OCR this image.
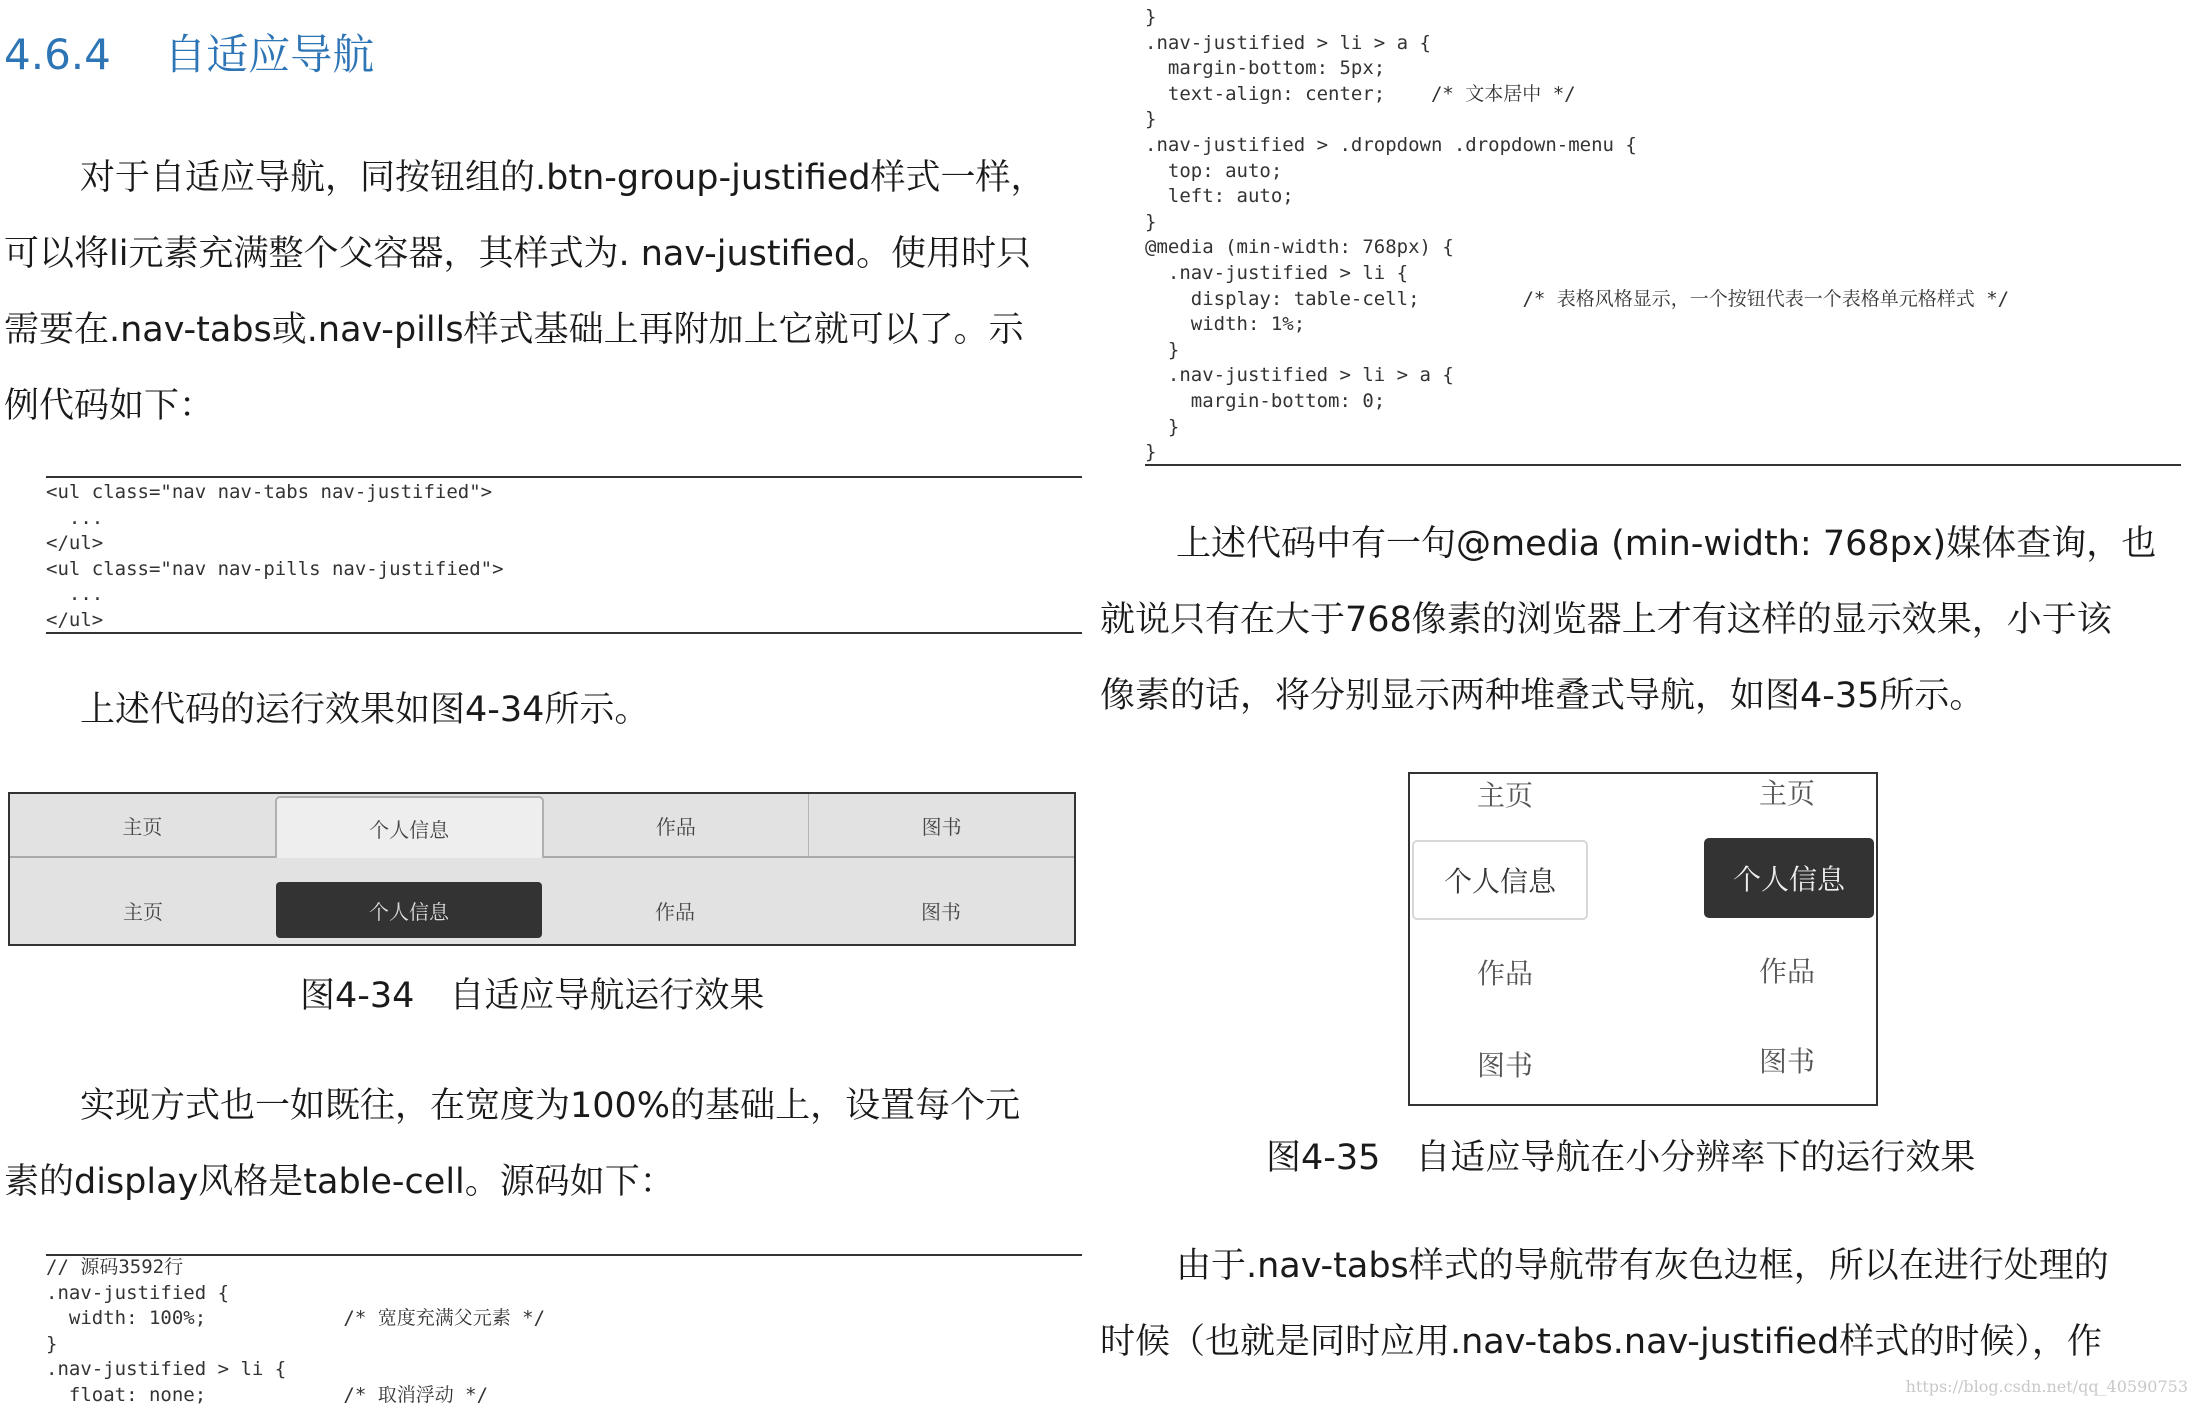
4.6.4 自适应导航
对于自适应导航，同按钮组的.btn-group-justified样式一样，
可以将li元素充满整个父容器，其样式为. nav-justified。使用时只
需要在.nav-tabs或.nav-pills样式基础上再附加上它就可以了。示
例代码如下：
<ul class="nav nav-tabs nav-justified">
...
</ul>
<ul class="nav nav-pills nav-justified">
...
</ul>
上述代码的运行效果如图4-34所示。
主页	个人信息	作品	图书
主页	个人信息	作品	图书
图4-34　自适应导航运行效果
实现方式也一如既往，在宽度为100%的基础上，设置每个元
素的display风格是table-cell。源码如下：
// 源码3592行
.nav-justified {
width: 100%;            /* 宽度充满父元素 */
}
.nav-justified > li {
float: none;            /* 取消浮动 */
}
.nav-justified > li > a {
margin-bottom: 5px;
text-align: center;    /* 文本居中 */
}
.nav-justified > .dropdown .dropdown-menu {
top: auto;
left: auto;
}
@media (min-width: 768px) {
.nav-justified > li {
display: table-cell;         /* 表格风格显示，一个按钮代表一个表格单元格样式 */
width: 1%;
}
.nav-justified > li > a {
margin-bottom: 0;
}
}
上述代码中有一句@media (min-width: 768px)媒体查询，也
就说只有在大于768像素的浏览器上才有这样的显示效果，小于该
像素的话，将分别显示两种堆叠式导航，如图4-35所示。
主页
个人信息
作品
图书
主页
个人信息
作品
图书
图4-35　自适应导航在小分辨率下的运行效果
由于.nav-tabs样式的导航带有灰色边框，所以在进行处理的
时候（也就是同时应用.nav-tabs.nav-justified样式的时候），作
https://blog.csdn.net/qq_40590753
